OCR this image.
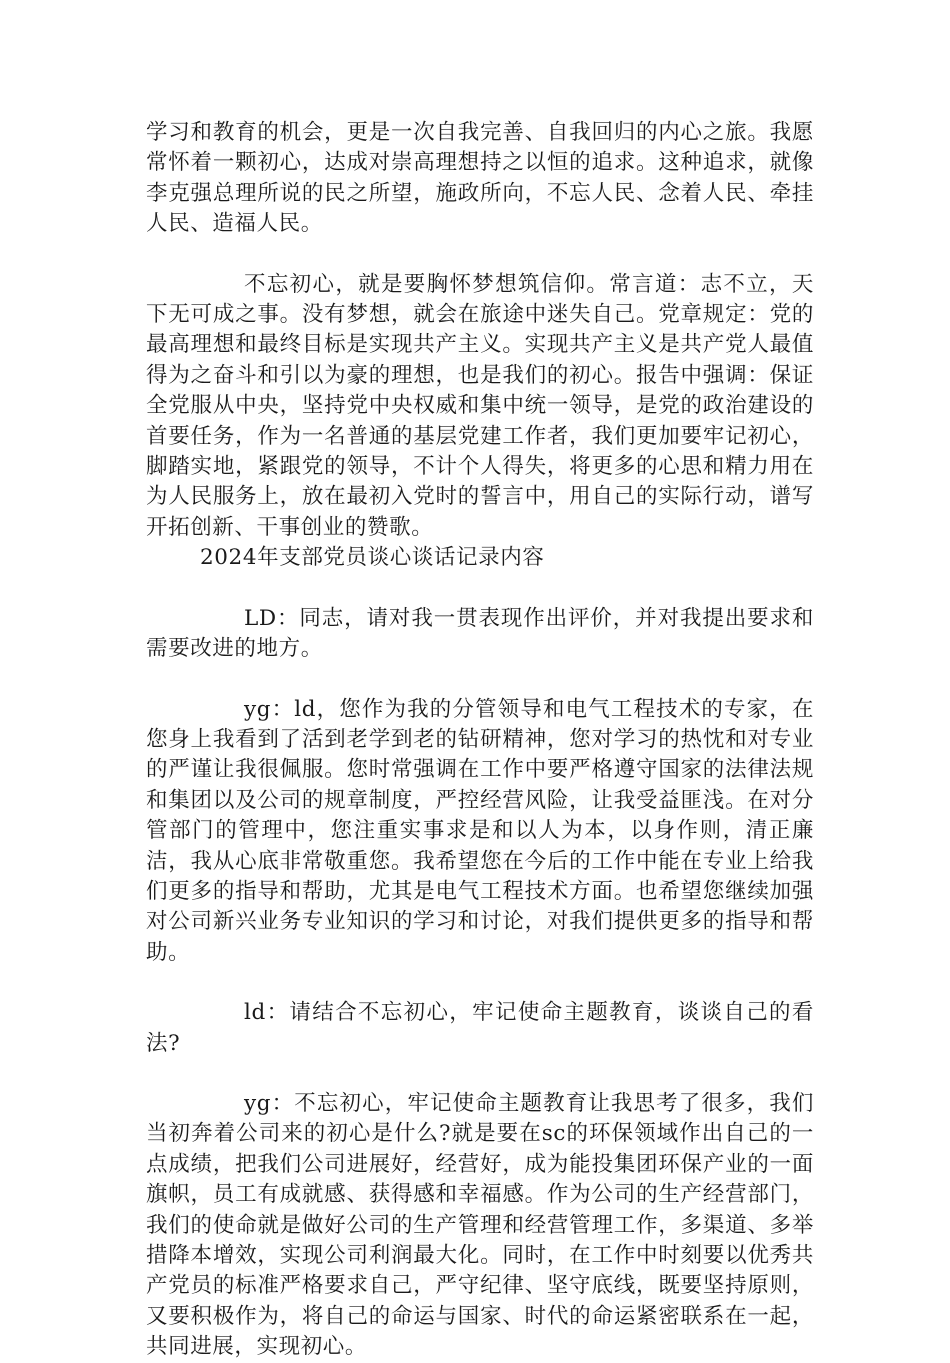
学习和教育的机会，更是一次自我完善、自我回归的内心之旅。我愿常怀着一颗初心，达成对崇高理想持之以恒的追求。这种追求，就像李克强总理所说的民之所望，施政所向，不忘人民、念着人民、牵挂人民、造福人民。

不忘初心，就是要胸怀梦想筑信仰。常言道：志不立，天下无可成之事。没有梦想，就会在旅途中迷失自己。党章规定：党的最高理想和最终目标是实现共产主义。实现共产主义是共产党人最值得为之奋斗和引以为豪的理想，也是我们的初心。报告中强调：保证全党服从中央，坚持党中央权威和集中统一领导，是党的政治建设的首要任务，作为一名普通的基层党建工作者，我们更加要牢记初心，脚踏实地，紧跟党的领导，不计个人得失，将更多的心思和精力用在为人民服务上，放在最初入党时的誓言中，用自己的实际行动，谱写开拓创新、干事创业的赞歌。

2024年支部党员谈心谈话记录内容

LD：同志，请对我一贯表现作出评价，并对我提出要求和需要改进的地方。

yg：ld，您作为我的分管领导和电气工程技术的专家，在您身上我看到了活到老学到老的钻研精神，您对学习的热忱和对专业的严谨让我很佩服。您时常强调在工作中要严格遵守国家的法律法规和集团以及公司的规章制度，严控经营风险，让我受益匪浅。在对分管部门的管理中，您注重实事求是和以人为本，以身作则，清正廉洁，我从心底非常敬重您。我希望您在今后的工作中能在专业上给我们更多的指导和帮助，尤其是电气工程技术方面。也希望您继续加强对公司新兴业务专业知识的学习和讨论，对我们提供更多的指导和帮助。

ld：请结合不忘初心，牢记使命主题教育，谈谈自己的看法?

yg：不忘初心，牢记使命主题教育让我思考了很多，我们当初奔着公司来的初心是什么?就是要在sc的环保领域作出自己的一点成绩，把我们公司进展好，经营好，成为能投集团环保产业的一面旗帜，员工有成就感、获得感和幸福感。作为公司的生产经营部门，我们的使命就是做好公司的生产管理和经营管理工作，多渠道、多举措降本增效，实现公司利润最大化。同时，在工作中时刻要以优秀共产党员的标准严格要求自己，严守纪律、坚守底线，既要坚持原则，又要积极作为，将自己的命运与国家、时代的命运紧密联系在一起，共同进展，实现初心。
